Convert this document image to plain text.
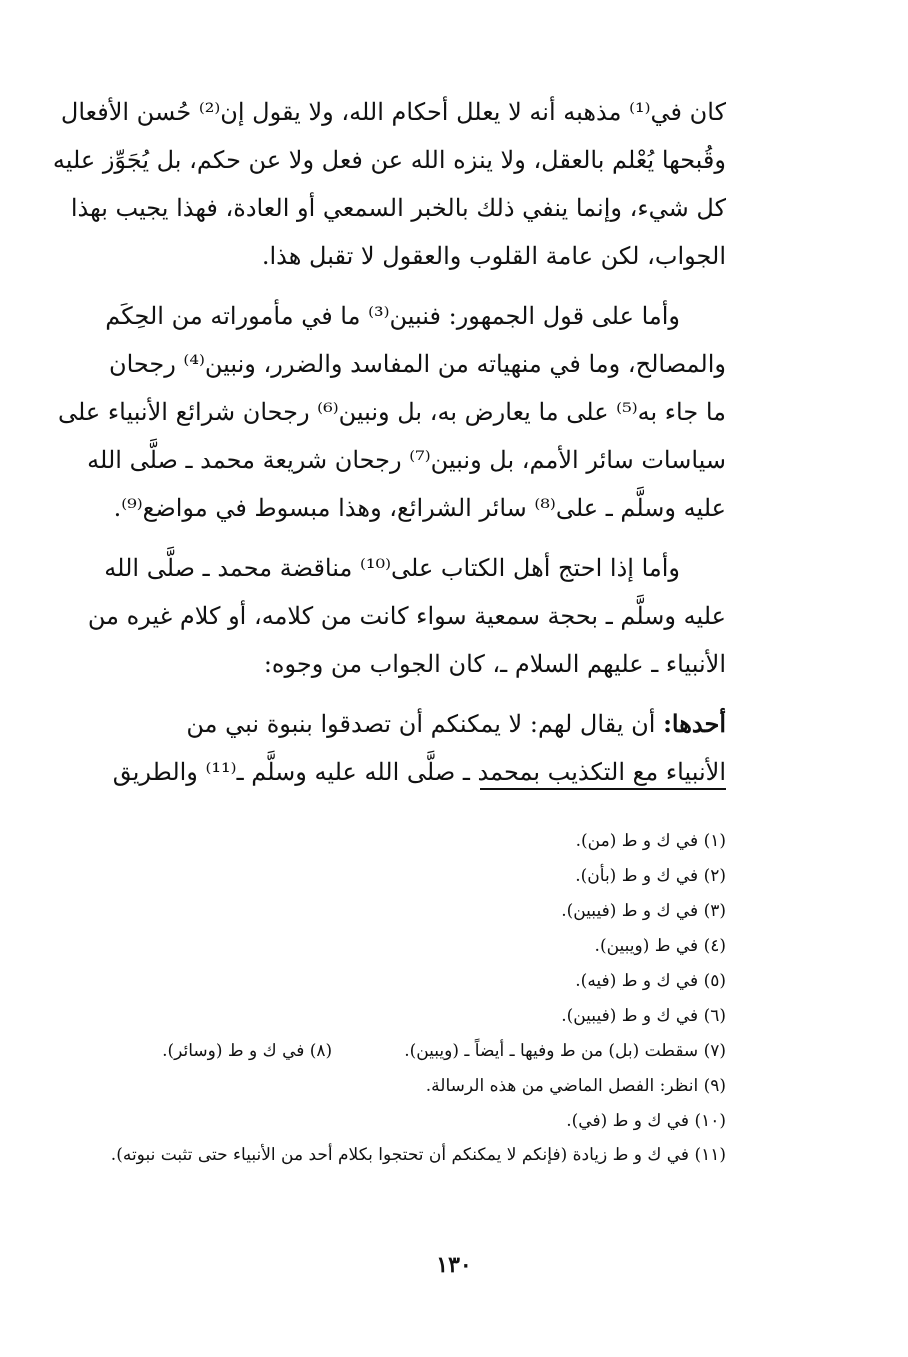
كان في⁽¹⁾ مذهبه أنه لا يعلل أحكام الله، ولا يقول إن⁽²⁾ حُسن الأفعال
وقُبحها يُعْلم بالعقل، ولا ينزه الله عن فعل ولا عن حكم، بل يُجَوِّز عليه
كل شيء، وإنما ينفي ذلك بالخبر السمعي أو العادة، فهذا يجيب بهذا
الجواب، لكن عامة القلوب والعقول لا تقبل هذا.
وأما على قول الجمهور: فنبين⁽³⁾ ما في مأموراته من الحِكَم
والمصالح، وما في منهياته من المفاسد والضرر، ونبين⁽⁴⁾ رجحان
ما جاء به⁽⁵⁾ على ما يعارض به، بل ونبين⁽⁶⁾ رجحان شرائع الأنبياء على
سياسات سائر الأمم، بل ونبين⁽⁷⁾ رجحان شريعة محمد ـ صلَّى الله
عليه وسلَّم ـ على⁽⁸⁾ سائر الشرائع، وهذا مبسوط في مواضع⁽⁹⁾.
وأما إذا احتج أهل الكتاب على⁽¹⁰⁾ مناقضة محمد ـ صلَّى الله
عليه وسلَّم ـ بحجة سمعية سواء كانت من كلامه، أو كلام غيره من
الأنبياء ـ عليهم السلام ـ، كان الجواب من وجوه:
أحدها: أن يقال لهم: لا يمكنكم أن تصدقوا بنبوة نبي من
الأنبياء مع التكذيب بمحمد ـ صلَّى الله عليه وسلَّم ـ⁽¹¹⁾ والطريق
(١) في ك و ط (من).
(٢) في ك و ط (بأن).
(٣) في ك و ط (فيبين).
(٤) في ط (ويبين).
(٥) في ك و ط (فيه).
(٦) في ك و ط (فيبين).
(٧) سقطت (بل) من ط وفيها ـ أيضاً ـ (ويبين).
(٨) في ك و ط (وسائر).
(٩) انظر: الفصل الماضي من هذه الرسالة.
(١٠) في ك و ط (في).
(١١) في ك و ط زيادة (فإنكم لا يمكنكم أن تحتجوا بكلام أحد من الأنبياء حتى تثبت نبوته).
١٣٠
